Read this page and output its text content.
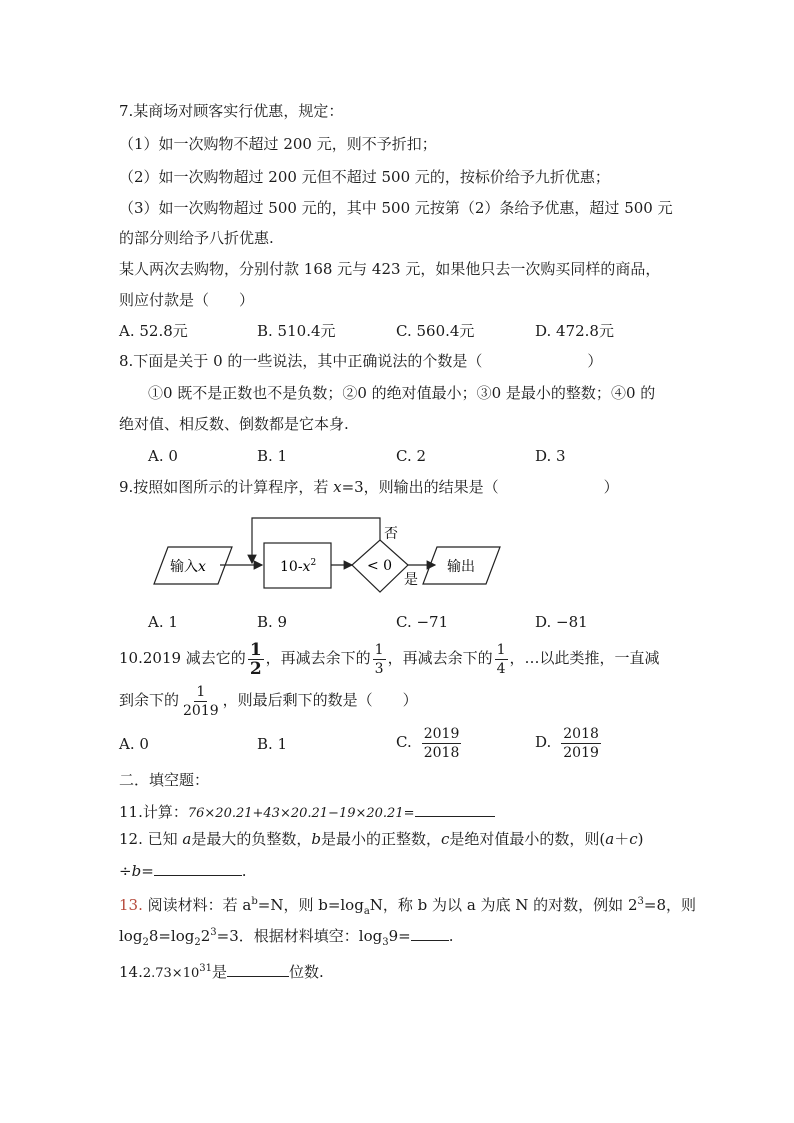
7.某商场对顾客实行优惠，规定：
（1）如一次购物不超过 200 元，则不予折扣；
（2）如一次购物超过 200 元但不超过 500 元的，按标价给予九折优惠；
（3）如一次购物超过 500 元的，其中 500 元按第（2）条给予优惠，超过 500 元
的部分则给予八折优惠.
某人两次去购物，分别付款 168 元与 423 元，如果他只去一次购买同样的商品，
则应付款是（　　）
A. 52.8元	B. 510.4元	C. 560.4元	D. 472.8元
8.下面是关于 0 的一些说法，其中正确说法的个数是（　　　　　　　）
①0 既不是正数也不是负数；②0 的绝对值最小；③0 是最小的整数；④0 的
绝对值、相反数、倒数都是它本身.
A. 0	B. 1	C. 2	D. 3
9.按照如图所示的计算程序，若 x=3，则输出的结果是（　　　　　　　）
输入x	$10-x^2$	< 0
否
是
输出
A. 1	B. 9	C. −71	D. −81
10.2019 减去它的 $\frac{1}{2}$ ，再减去余下的 $\frac{1}{3}$ ，再减去余下的 $\frac{1}{4}$ ，…以此类推，一直减
到余下的 $\frac{1}{2019}$ ，则最后剩下的数是（　　）
A. 0	B. 1	C. $\frac{2019}{2018}$	D. $\frac{2018}{2019}$
二．填空题：
11.计算：76×20.21+43×20.21−19×20.21=
12. 已知 a是最大的负整数，b是最小的正整数，c是绝对值最小的数，则(a＋c)
÷b=	.
13. 阅读材料：若 $a^b=N$，则 $b=\log_aN$，称 b 为以 a 为底 N 的对数，例如 $2^3=8$，则
$\log_28=\log_22^3=3$．根据材料填空：$\log_39=$	.
$14.2.73\times 10^{31}$是	位数.
